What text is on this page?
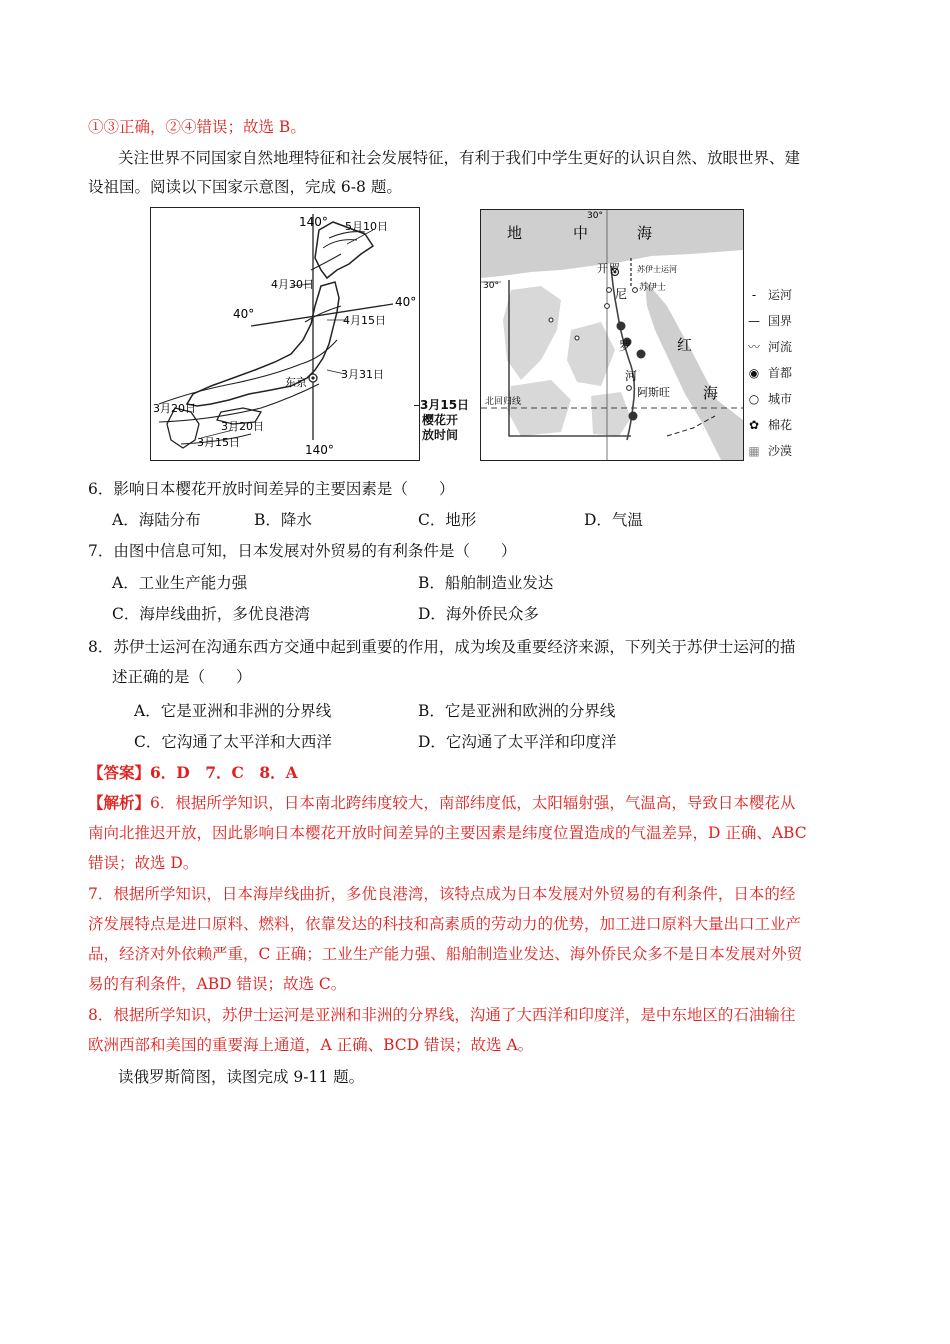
①③正确，②④错误；故选 B。
关注世界不同国家自然地理特征和社会发展特征，有利于我们中学生更好的认识自然、放眼世界、建
设祖国。阅读以下国家示意图，完成 6-8 题。
140° 5月10日
4月30日
40°
40°
4月15日
3月31日
东京
3月20日
3月20日
3月15日
140°
3月15日
樱花开
放时间
30°
30°
地	中	海
开 罗 苏伊士运河
苏伊士
尼
罗
河
阿斯旺
红
海
北回归线
-运河
— 国界
〰 河流
◉ 首都
○ 城市
✿ 棉花
▦ 沙漠
6．影响日本樱花开放时间差异的主要因素是（　　）
A．海陆分布	B．降水	C．地形	D．气温
7．由图中信息可知，日本发展对外贸易的有利条件是（　　）
A．工业生产能力强	B．船舶制造业发达
C．海岸线曲折，多优良港湾	D．海外侨民众多
8．苏伊士运河在沟通东西方交通中起到重要的作用，成为埃及重要经济来源，下列关于苏伊士运河的描
述正确的是（　　）
A．它是亚洲和非洲的分界线	B．它是亚洲和欧洲的分界线
C．它沟通了太平洋和大西洋	D．它沟通了太平洋和印度洋
【答案】6．D　7．C　8．A
【解析】6．根据所学知识，日本南北跨纬度较大，南部纬度低，太阳辐射强，气温高，导致日本樱花从
南向北推迟开放，因此影响日本樱花开放时间差异的主要因素是纬度位置造成的气温差异，D 正确、ABC
错误；故选 D。
7．根据所学知识，日本海岸线曲折，多优良港湾，该特点成为日本发展对外贸易的有利条件，日本的经
济发展特点是进口原料、燃料，依靠发达的科技和高素质的劳动力的优势，加工进口原料大量出口工业产
品，经济对外依赖严重，C 正确；工业生产能力强、船舶制造业发达、海外侨民众多不是日本发展对外贸
易的有利条件，ABD 错误；故选 C。
8．根据所学知识，苏伊士运河是亚洲和非洲的分界线，沟通了大西洋和印度洋，是中东地区的石油输往
欧洲西部和美国的重要海上通道，A 正确、BCD 错误；故选 A。
读俄罗斯简图，读图完成 9-11 题。
